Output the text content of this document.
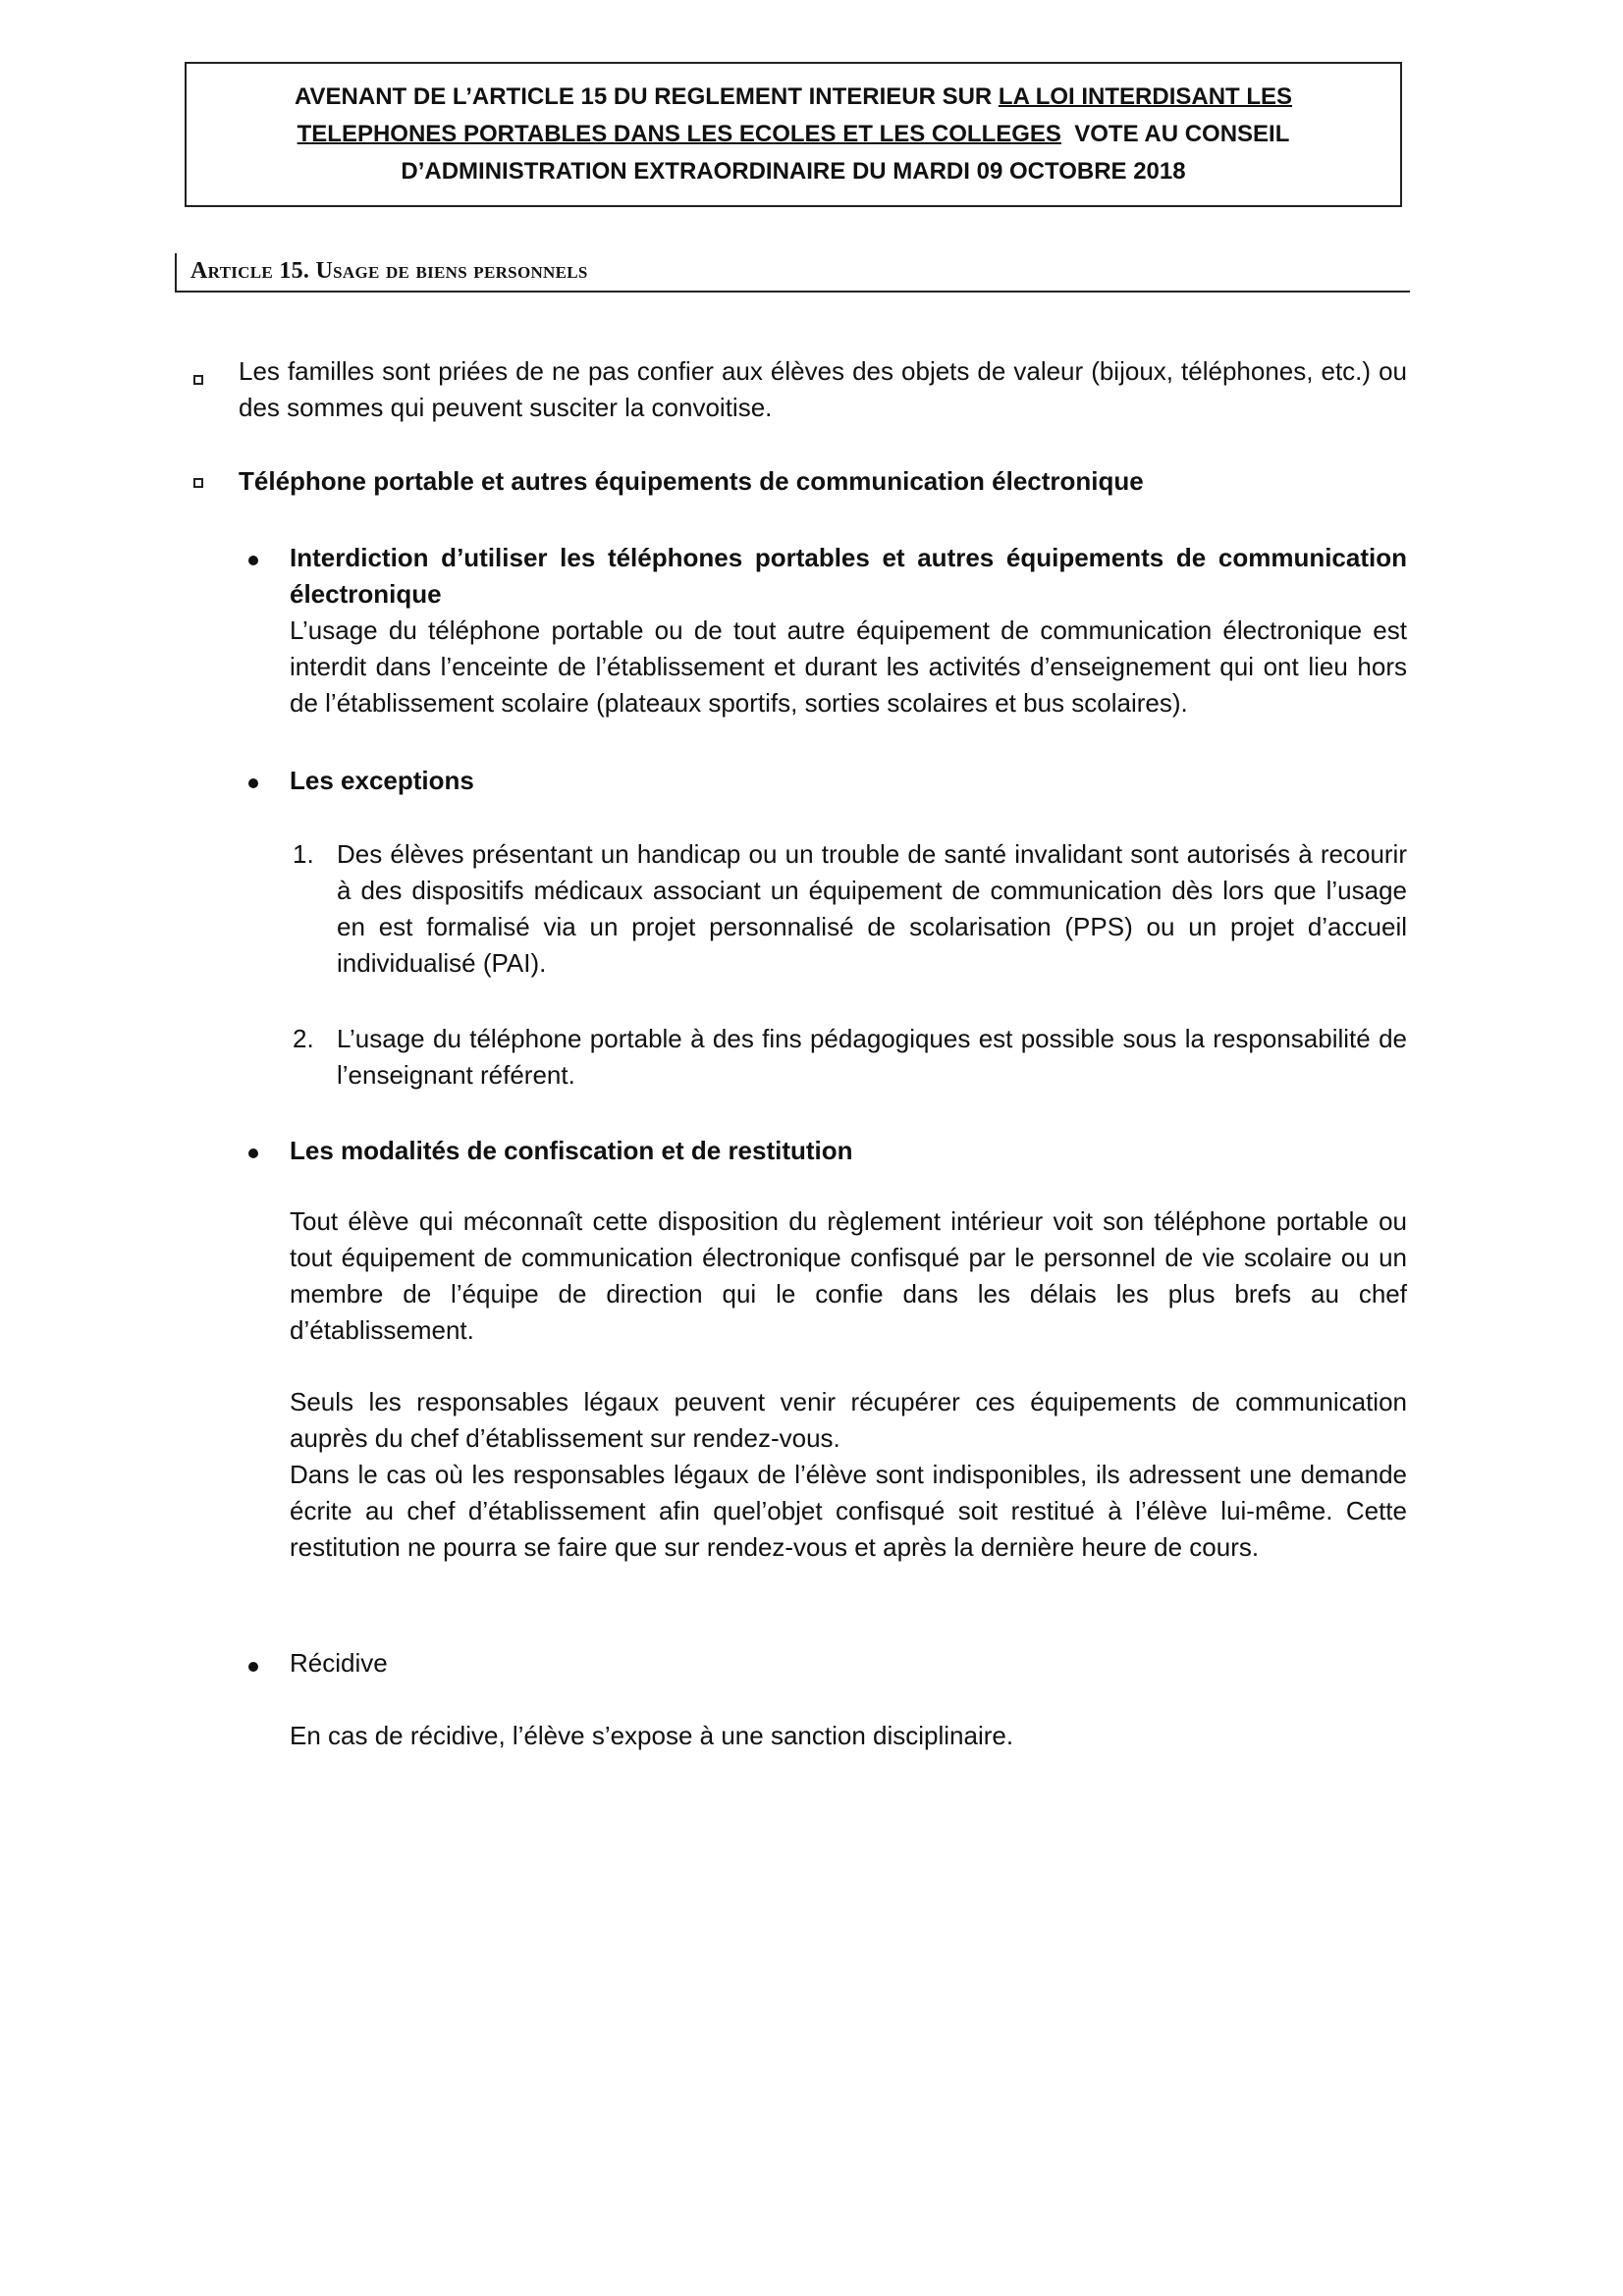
AVENANT DE L’ARTICLE 15 DU REGLEMENT INTERIEUR SUR LA LOI INTERDISANT LES
TELEPHONES PORTABLES DANS LES ECOLES ET LES COLLEGES  VOTE AU CONSEIL
D’ADMINISTRATION EXTRAORDINAIRE DU MARDI 09 OCTOBRE 2018
Article 15. Usage de biens personnels
Les familles sont priées de ne pas confier aux élèves des objets de valeur (bijoux, téléphones, etc.) ou des sommes qui peuvent susciter la convoitise.
Téléphone portable et autres équipements de communication électronique
Interdiction d’utiliser les téléphones portables et autres équipements de communication électronique
L’usage du téléphone portable ou de tout autre équipement de communication électronique est interdit dans l’enceinte de l’établissement et durant les activités d’enseignement qui ont lieu hors de l’établissement scolaire (plateaux sportifs, sorties scolaires et bus scolaires).
Les exceptions
1. Des élèves présentant un handicap ou un trouble de santé invalidant sont autorisés à recourir à des dispositifs médicaux associant un équipement de communication dès lors que l’usage en est formalisé via un projet personnalisé de scolarisation (PPS) ou un projet d’accueil individualisé (PAI).
2. L’usage du téléphone portable à des fins pédagogiques est possible sous la responsabilité de l’enseignant référent.
Les modalités de confiscation et de restitution
Tout élève qui méconnaît cette disposition du règlement intérieur voit son téléphone portable ou tout équipement de communication électronique confisqué par le personnel de vie scolaire ou un membre de l’équipe de direction qui le confie dans les délais les plus brefs au chef d’établissement.
Seuls les responsables légaux peuvent venir récupérer ces équipements de communication auprès du chef d’établissement sur rendez-vous.
Dans le cas où les responsables légaux de l’élève sont indisponibles, ils adressent une demande écrite au chef d’établissement afin quel’objet confisqué soit restitué à l’élève lui-même. Cette restitution ne pourra se faire que sur rendez-vous et après la dernière heure de cours.
Récidive
En cas de récidive, l’élève s’expose à une sanction disciplinaire.
